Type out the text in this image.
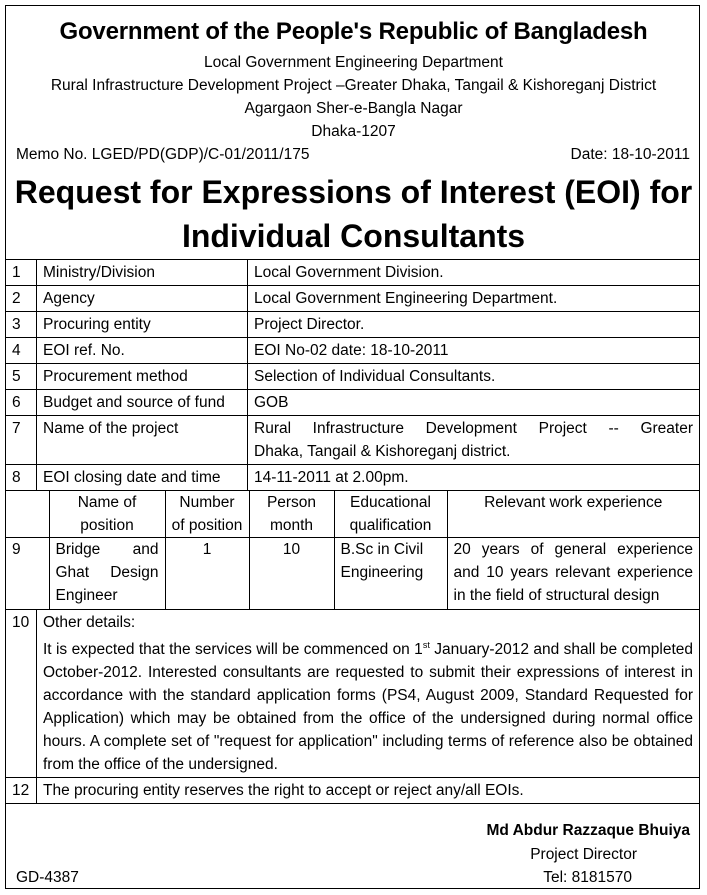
Government of the People's Republic of Bangladesh
Local Government Engineering Department
Rural Infrastructure Development Project –Greater Dhaka, Tangail & Kishoreganj District
Agargaon Sher-e-Bangla Nagar
Dhaka-1207
Memo No. LGED/PD(GDP)/C-01/2011/175	Date: 18-10-2011
Request for Expressions of Interest (EOI) for
Individual Consultants
1	Ministry/Division	Local Government Division.
2	Agency	Local Government Engineering Department.
3	Procuring entity	Project Director.
4	EOI ref. No.	EOI No-02 date: 18-10-2011
5	Procurement method	Selection of Individual Consultants.
6	Budget and source of fund	GOB
7	Name of the project	Rural Infrastructure Development Project -- Greater
Dhaka, Tangail & Kishoreganj district.

8	EOI closing date and time	14-11-2011 at 2.00pm.

	Name of position	Number of position	Person month	Educational qualification	Relevant work experience
9	Bridge and Ghat Design Engineer	1	10	B.Sc in Civil Engineering	20 years of general experience and 10 years relevant experience in the field of structural design

10	Other details:
It is expected that the services will be commenced on 1st January-2012 and shall be completed October-2012. Interested consultants are requested to submit their expressions of interest in accordance with the standard application forms (PS4, August 2009, Standard Requested for Application) which may be obtained from the office of the undersigned during normal office hours. A complete set of "request for application" including terms of reference also be obtained from the office of the undersigned.

12	The procuring entity reserves the right to accept or reject any/all EOIs.
Md Abdur Razzaque Bhuiya
Project Director
GD-4387	Tel: 8181570
